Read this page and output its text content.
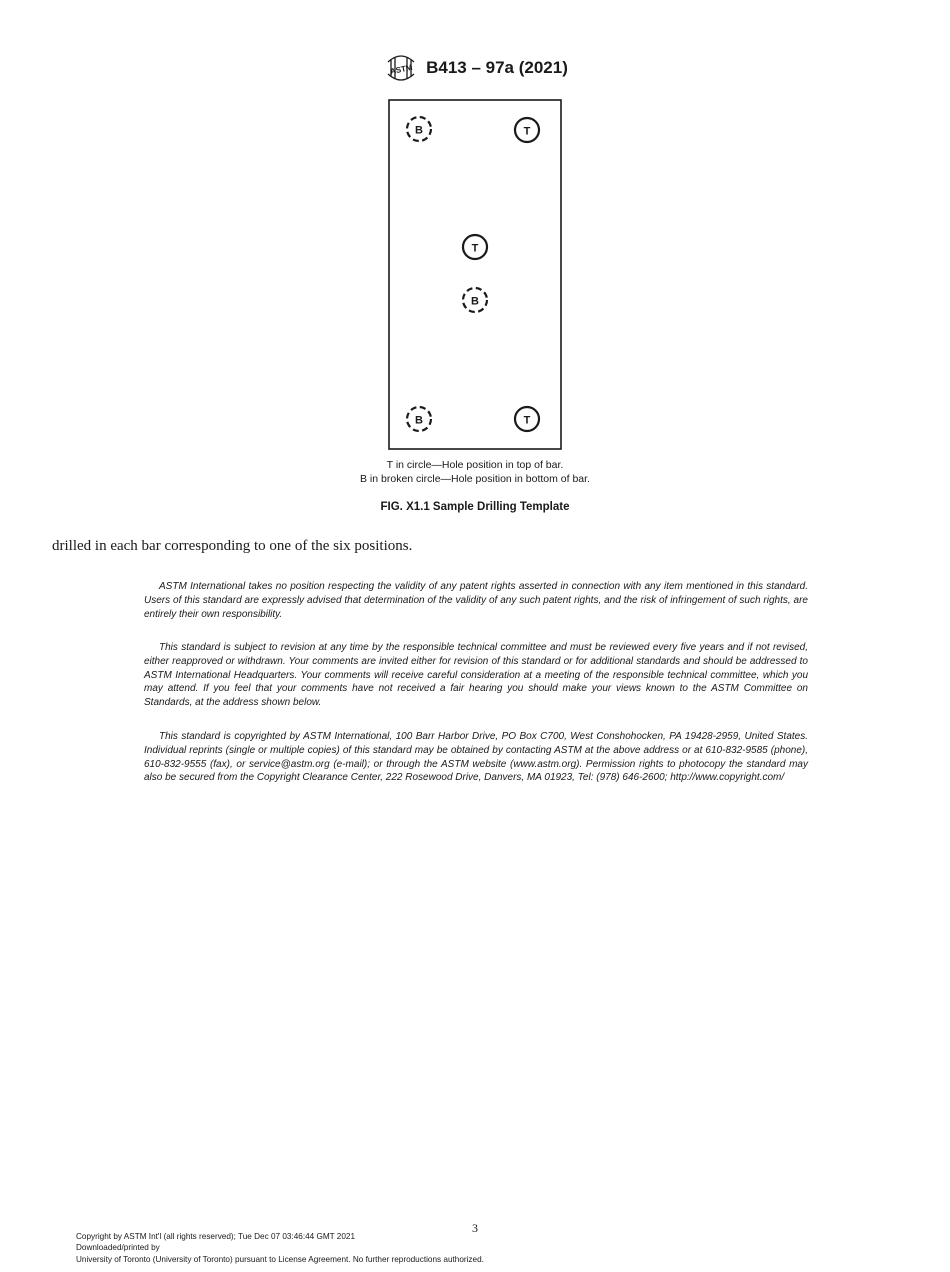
ASTM B413 – 97a (2021)
B	T
T
B
B	T
T in circle—Hole position in top of bar.
B in broken circle—Hole position in bottom of bar.
FIG. X1.1 Sample Drilling Template
drilled in each bar corresponding to one of the six positions.
ASTM International takes no position respecting the validity of any patent rights asserted in connection with any item mentioned in this standard. Users of this standard are expressly advised that determination of the validity of any such patent rights, and the risk of infringement of such rights, are entirely their own responsibility.
This standard is subject to revision at any time by the responsible technical committee and must be reviewed every five years and if not revised, either reapproved or withdrawn. Your comments are invited either for revision of this standard or for additional standards and should be addressed to ASTM International Headquarters. Your comments will receive careful consideration at a meeting of the responsible technical committee, which you may attend. If you feel that your comments have not received a fair hearing you should make your views known to the ASTM Committee on Standards, at the address shown below.
This standard is copyrighted by ASTM International, 100 Barr Harbor Drive, PO Box C700, West Conshohocken, PA 19428-2959, United States. Individual reprints (single or multiple copies) of this standard may be obtained by contacting ASTM at the above address or at 610-832-9585 (phone), 610-832-9555 (fax), or service@astm.org (e-mail); or through the ASTM website (www.astm.org). Permission rights to photocopy the standard may also be secured from the Copyright Clearance Center, 222 Rosewood Drive, Danvers, MA 01923, Tel: (978) 646-2600; http://www.copyright.com/
3
Copyright by ASTM Int'l (all rights reserved); Tue Dec 07 03:46:44 GMT 2021
Downloaded/printed by
University of Toronto (University of Toronto) pursuant to License Agreement. No further reproductions authorized.
